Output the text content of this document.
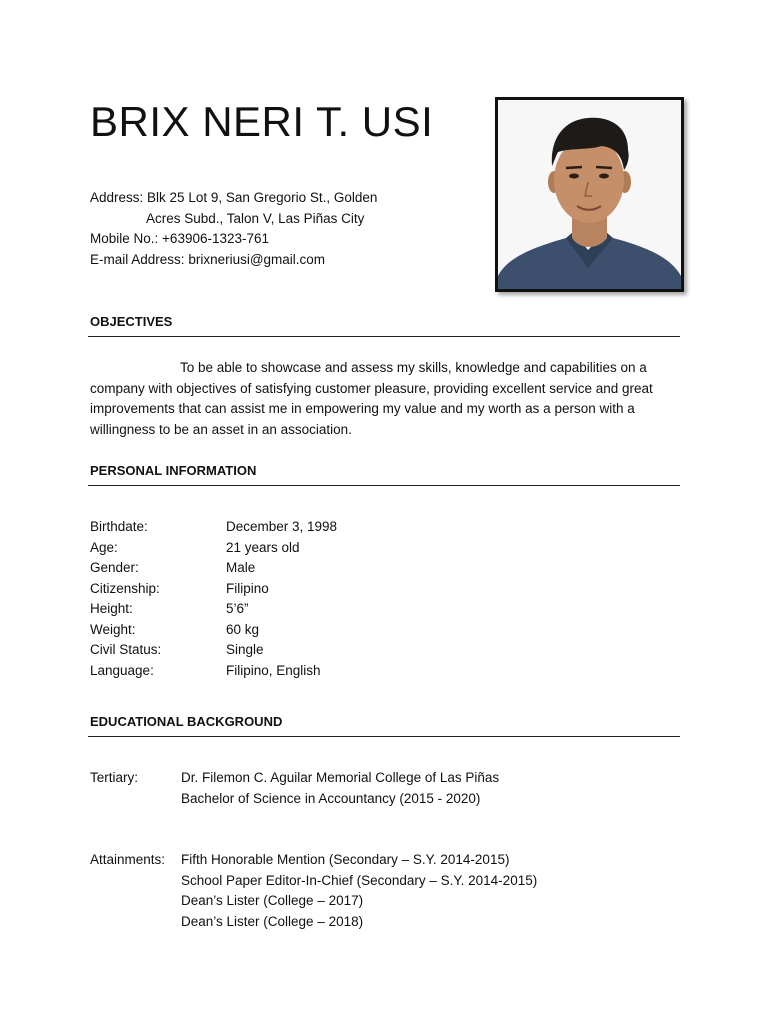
BRIX NERI T. USI
Address: Blk 25 Lot 9, San Gregorio St., Golden
Acres Subd., Talon V, Las Piñas City
Mobile No.: +63906-1323-761
E-mail Address: brixneriusi@gmail.com
OBJECTIVES
To be able to showcase and assess my skills, knowledge and capabilities on a company with objectives of satisfying customer pleasure, providing excellent service and great improvements that can assist me in empowering my value and my worth as a person with a willingness to be an asset in an association.
PERSONAL INFORMATION
Birthdate:	December 3, 1998
Age:	21 years old
Gender:	Male
Citizenship:	Filipino
Height:	5’6”
Weight:	60 kg
Civil Status:	Single
Language:	Filipino, English
EDUCATIONAL BACKGROUND
Tertiary:	Dr. Filemon C. Aguilar Memorial College of Las Piñas
Bachelor of Science in Accountancy (2015 - 2020)
Attainments:	Fifth Honorable Mention (Secondary – S.Y. 2014-2015)
School Paper Editor-In-Chief (Secondary – S.Y. 2014-2015)
Dean’s Lister (College – 2017)
Dean’s Lister (College – 2018)
